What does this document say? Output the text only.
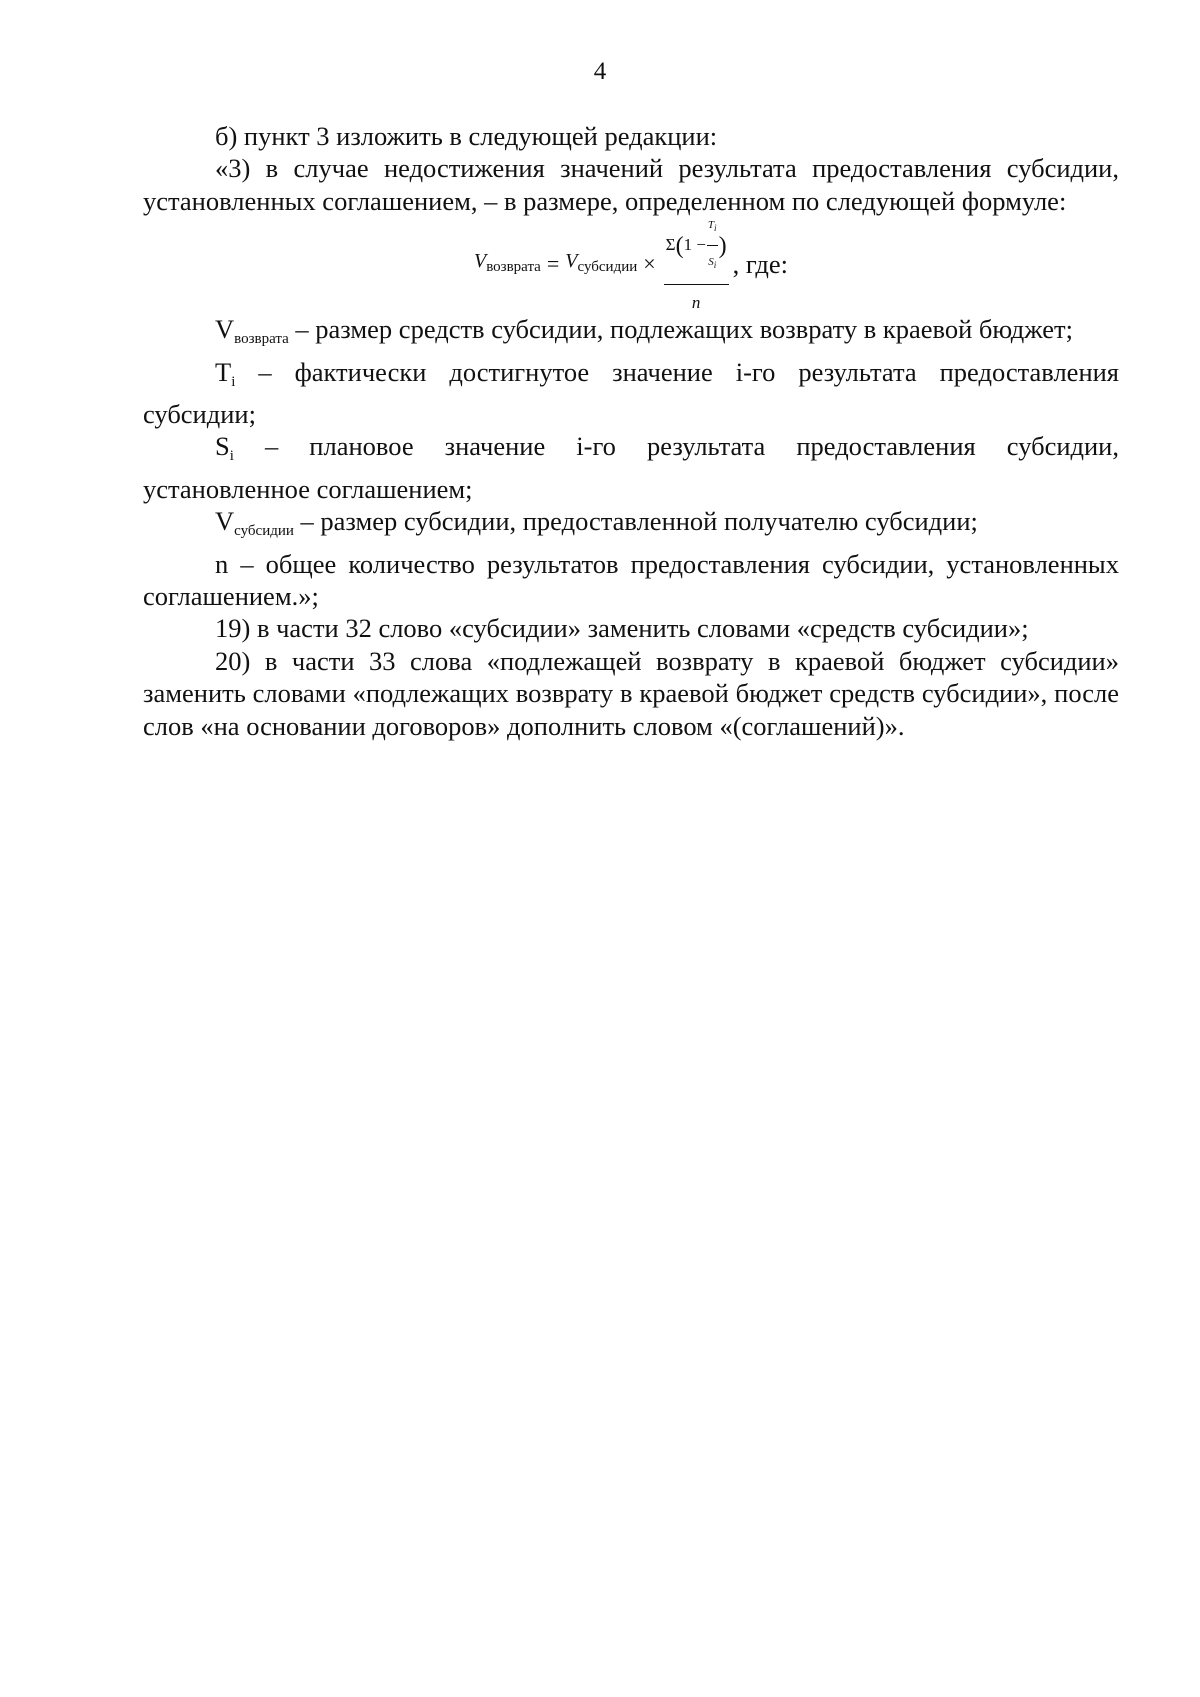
4

б) пункт 3 изложить в следующей редакции:

«3) в случае недостижения значений результата предоставления субсидии, установленных соглашением, – в размере, определенном по следующей формуле:

$V_{возврата} = V_{субсидии}$ ×
Σ ( $1 - \frac{T_i}{S_i}$ )
n
, где:

$V_{возврата}$ – размер средств субсидии, подлежащих возврату в краевой бюджет;

$T_i$ – фактически достигнутое значение i-го результата предоставления субсидии;

$S_i$ – плановое значение i-го результата предоставления субсидии, установленное соглашением;

$V_{субсидии}$ – размер субсидии, предоставленной получателю субсидии;

n – общее количество результатов предоставления субсидии, установленных соглашением.»;

19) в части 32 слово «субсидии» заменить словами «средств субсидии»;

20) в части 33 слова «подлежащей возврату в краевой бюджет субсидии» заменить словами «подлежащих возврату в краевой бюджет средств субсидии», после слов «на основании договоров» дополнить словом «(соглашений)».
